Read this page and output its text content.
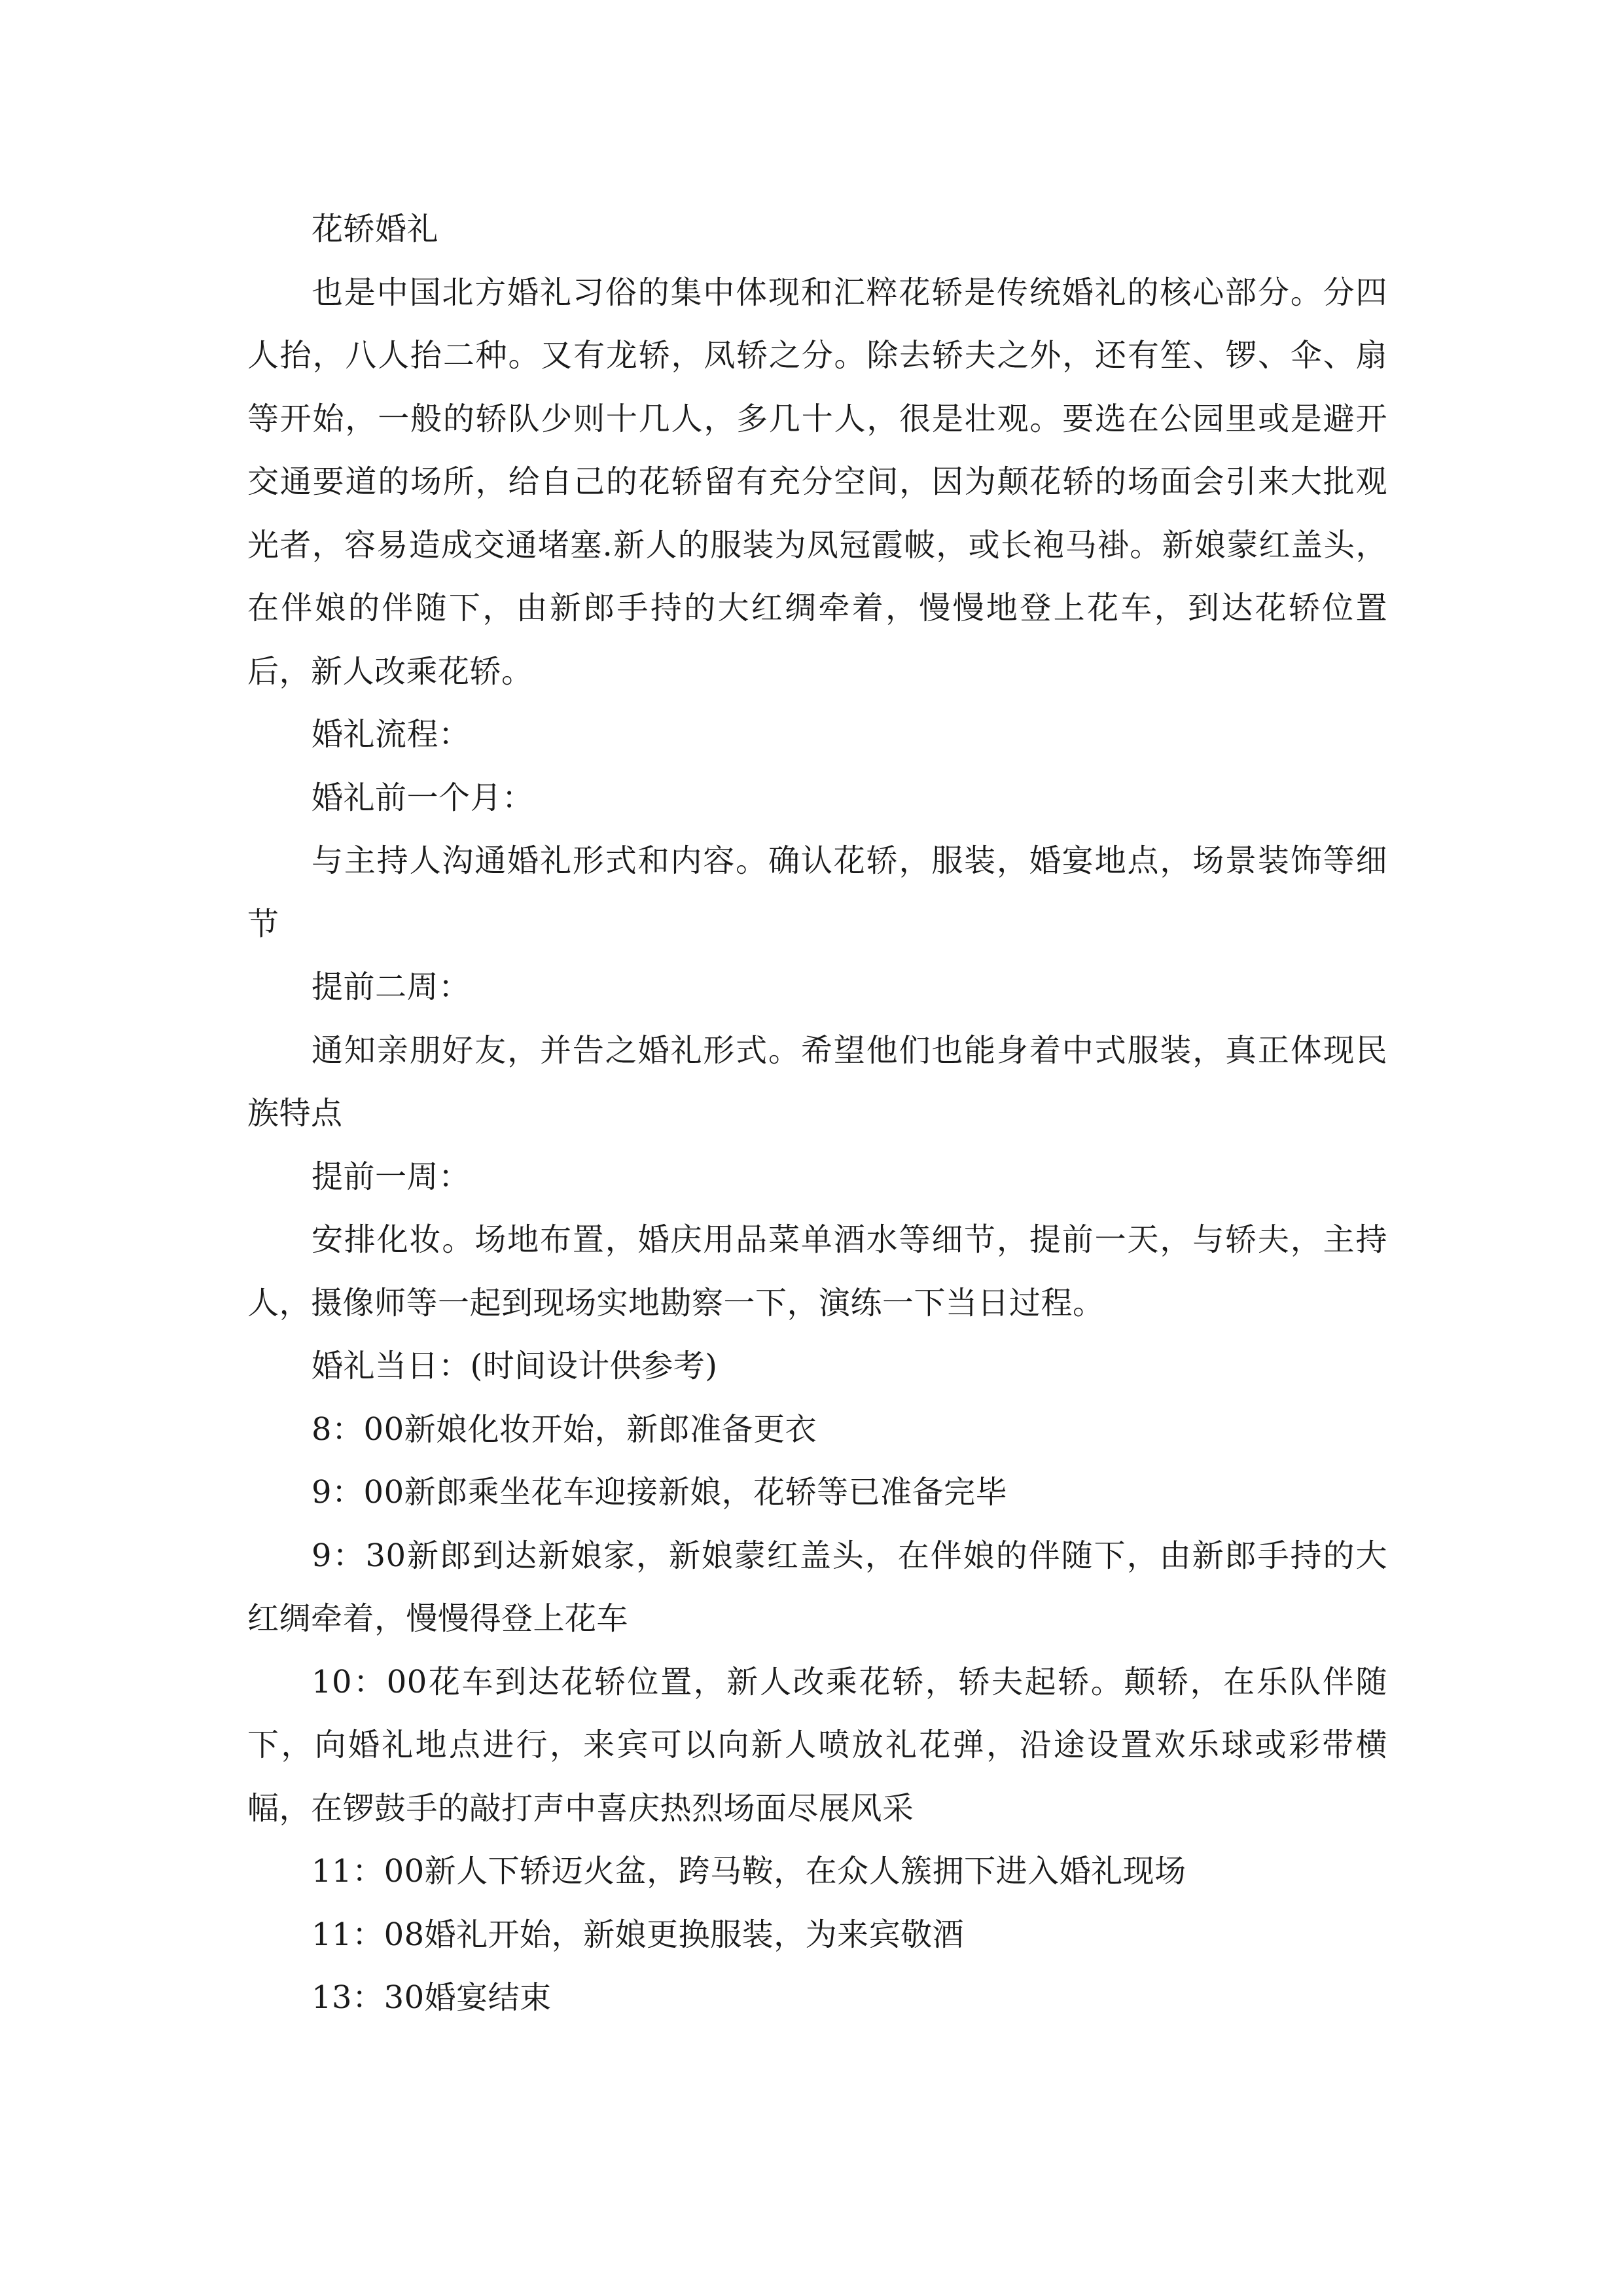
花轿婚礼

也是中国北方婚礼习俗的集中体现和汇粹花轿是传统婚礼的核心部分。分四人抬，八人抬二种。又有龙轿，凤轿之分。除去轿夫之外，还有笙、锣、伞、扇等开始，一般的轿队少则十几人，多几十人，很是壮观。要选在公园里或是避开交通要道的场所，给自己的花轿留有充分空间，因为颠花轿的场面会引来大批观光者，容易造成交通堵塞.新人的服装为凤冠霞帔，或长袍马褂。新娘蒙红盖头，在伴娘的伴随下，由新郎手持的大红绸牵着，慢慢地登上花车，到达花轿位置后，新人改乘花轿。

婚礼流程：

婚礼前一个月：

与主持人沟通婚礼形式和内容。确认花轿，服装，婚宴地点，场景装饰等细节

提前二周：

通知亲朋好友，并告之婚礼形式。希望他们也能身着中式服装，真正体现民族特点

提前一周：

安排化妆。场地布置，婚庆用品菜单酒水等细节，提前一天，与轿夫，主持人，摄像师等一起到现场实地勘察一下，演练一下当日过程。

婚礼当日：(时间设计供参考)

8：00新娘化妆开始，新郎准备更衣

9：00新郎乘坐花车迎接新娘，花轿等已准备完毕

9：30新郎到达新娘家，新娘蒙红盖头，在伴娘的伴随下，由新郎手持的大红绸牵着，慢慢得登上花车

10：00花车到达花轿位置，新人改乘花轿，轿夫起轿。颠轿，在乐队伴随下，向婚礼地点进行，来宾可以向新人喷放礼花弹，沿途设置欢乐球或彩带横幅，在锣鼓手的敲打声中喜庆热烈场面尽展风采

11：00新人下轿迈火盆，跨马鞍，在众人簇拥下进入婚礼现场

11：08婚礼开始，新娘更换服装，为来宾敬酒

13：30婚宴结束
